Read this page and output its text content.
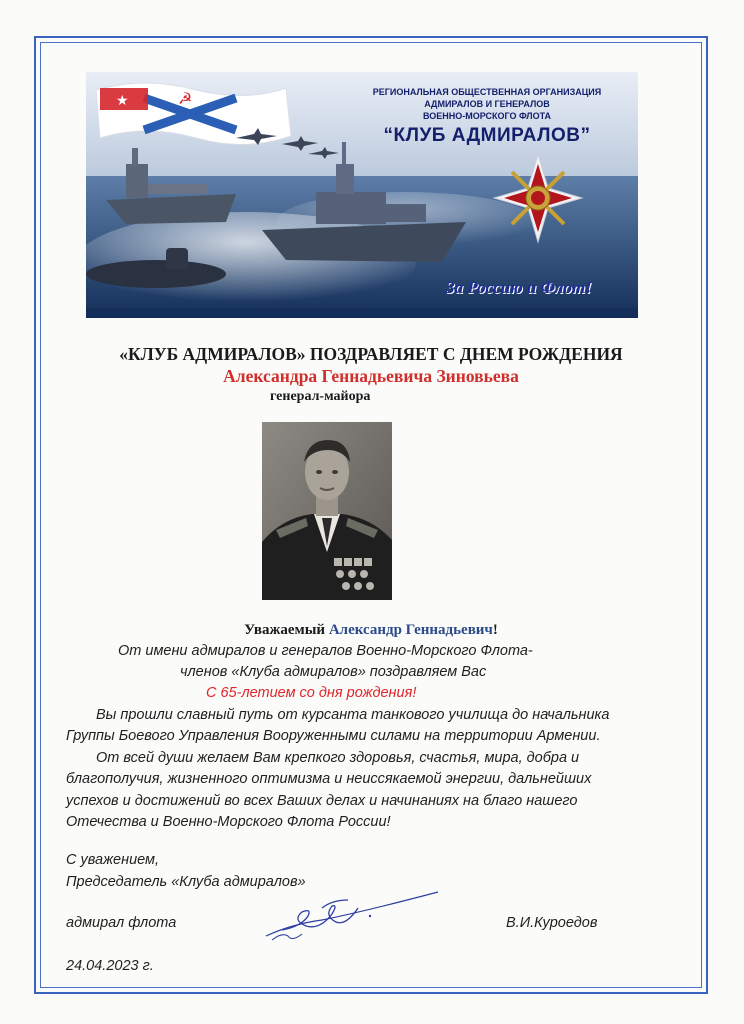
★	☭	РЕГИОНАЛЬНАЯ ОБЩЕСТВЕННАЯ ОРГАНИЗАЦИЯ
АДМИРАЛОВ И ГЕНЕРАЛОВ
ВОЕННО-МОРСКОГО ФЛОТА
“КЛУБ АДМИРАЛОВ”
За Россию и Флот!
«КЛУБ АДМИРАЛОВ» ПОЗДРАВЛЯЕТ С ДНЕМ РОЖДЕНИЯ
Александра Геннадьевича Зиновьева
генерал-майора
Уважаемый Александр Геннадьевич!
От имени адмиралов и генералов Военно-Морского Флота-
членов «Клуба адмиралов» поздравляем Вас
С 65-летием со дня рождения!
Вы прошли славный путь от курсанта танкового училища до начальника
Группы Боевого Управления Вооруженными силами на территории Армении.
От всей души желаем Вам крепкого здоровья, счастья, мира, добра и
благополучия, жизненного оптимизма и неиссякаемой энергии, дальнейших
успехов и достижений во всех Ваших делах и начинаниях на благо нашего
Отечества и Военно-Морского Флота России!
С уважением,
Председатель «Клуба адмиралов»
адмирал флота	В.И.Куроедов
24.04.2023 г.
